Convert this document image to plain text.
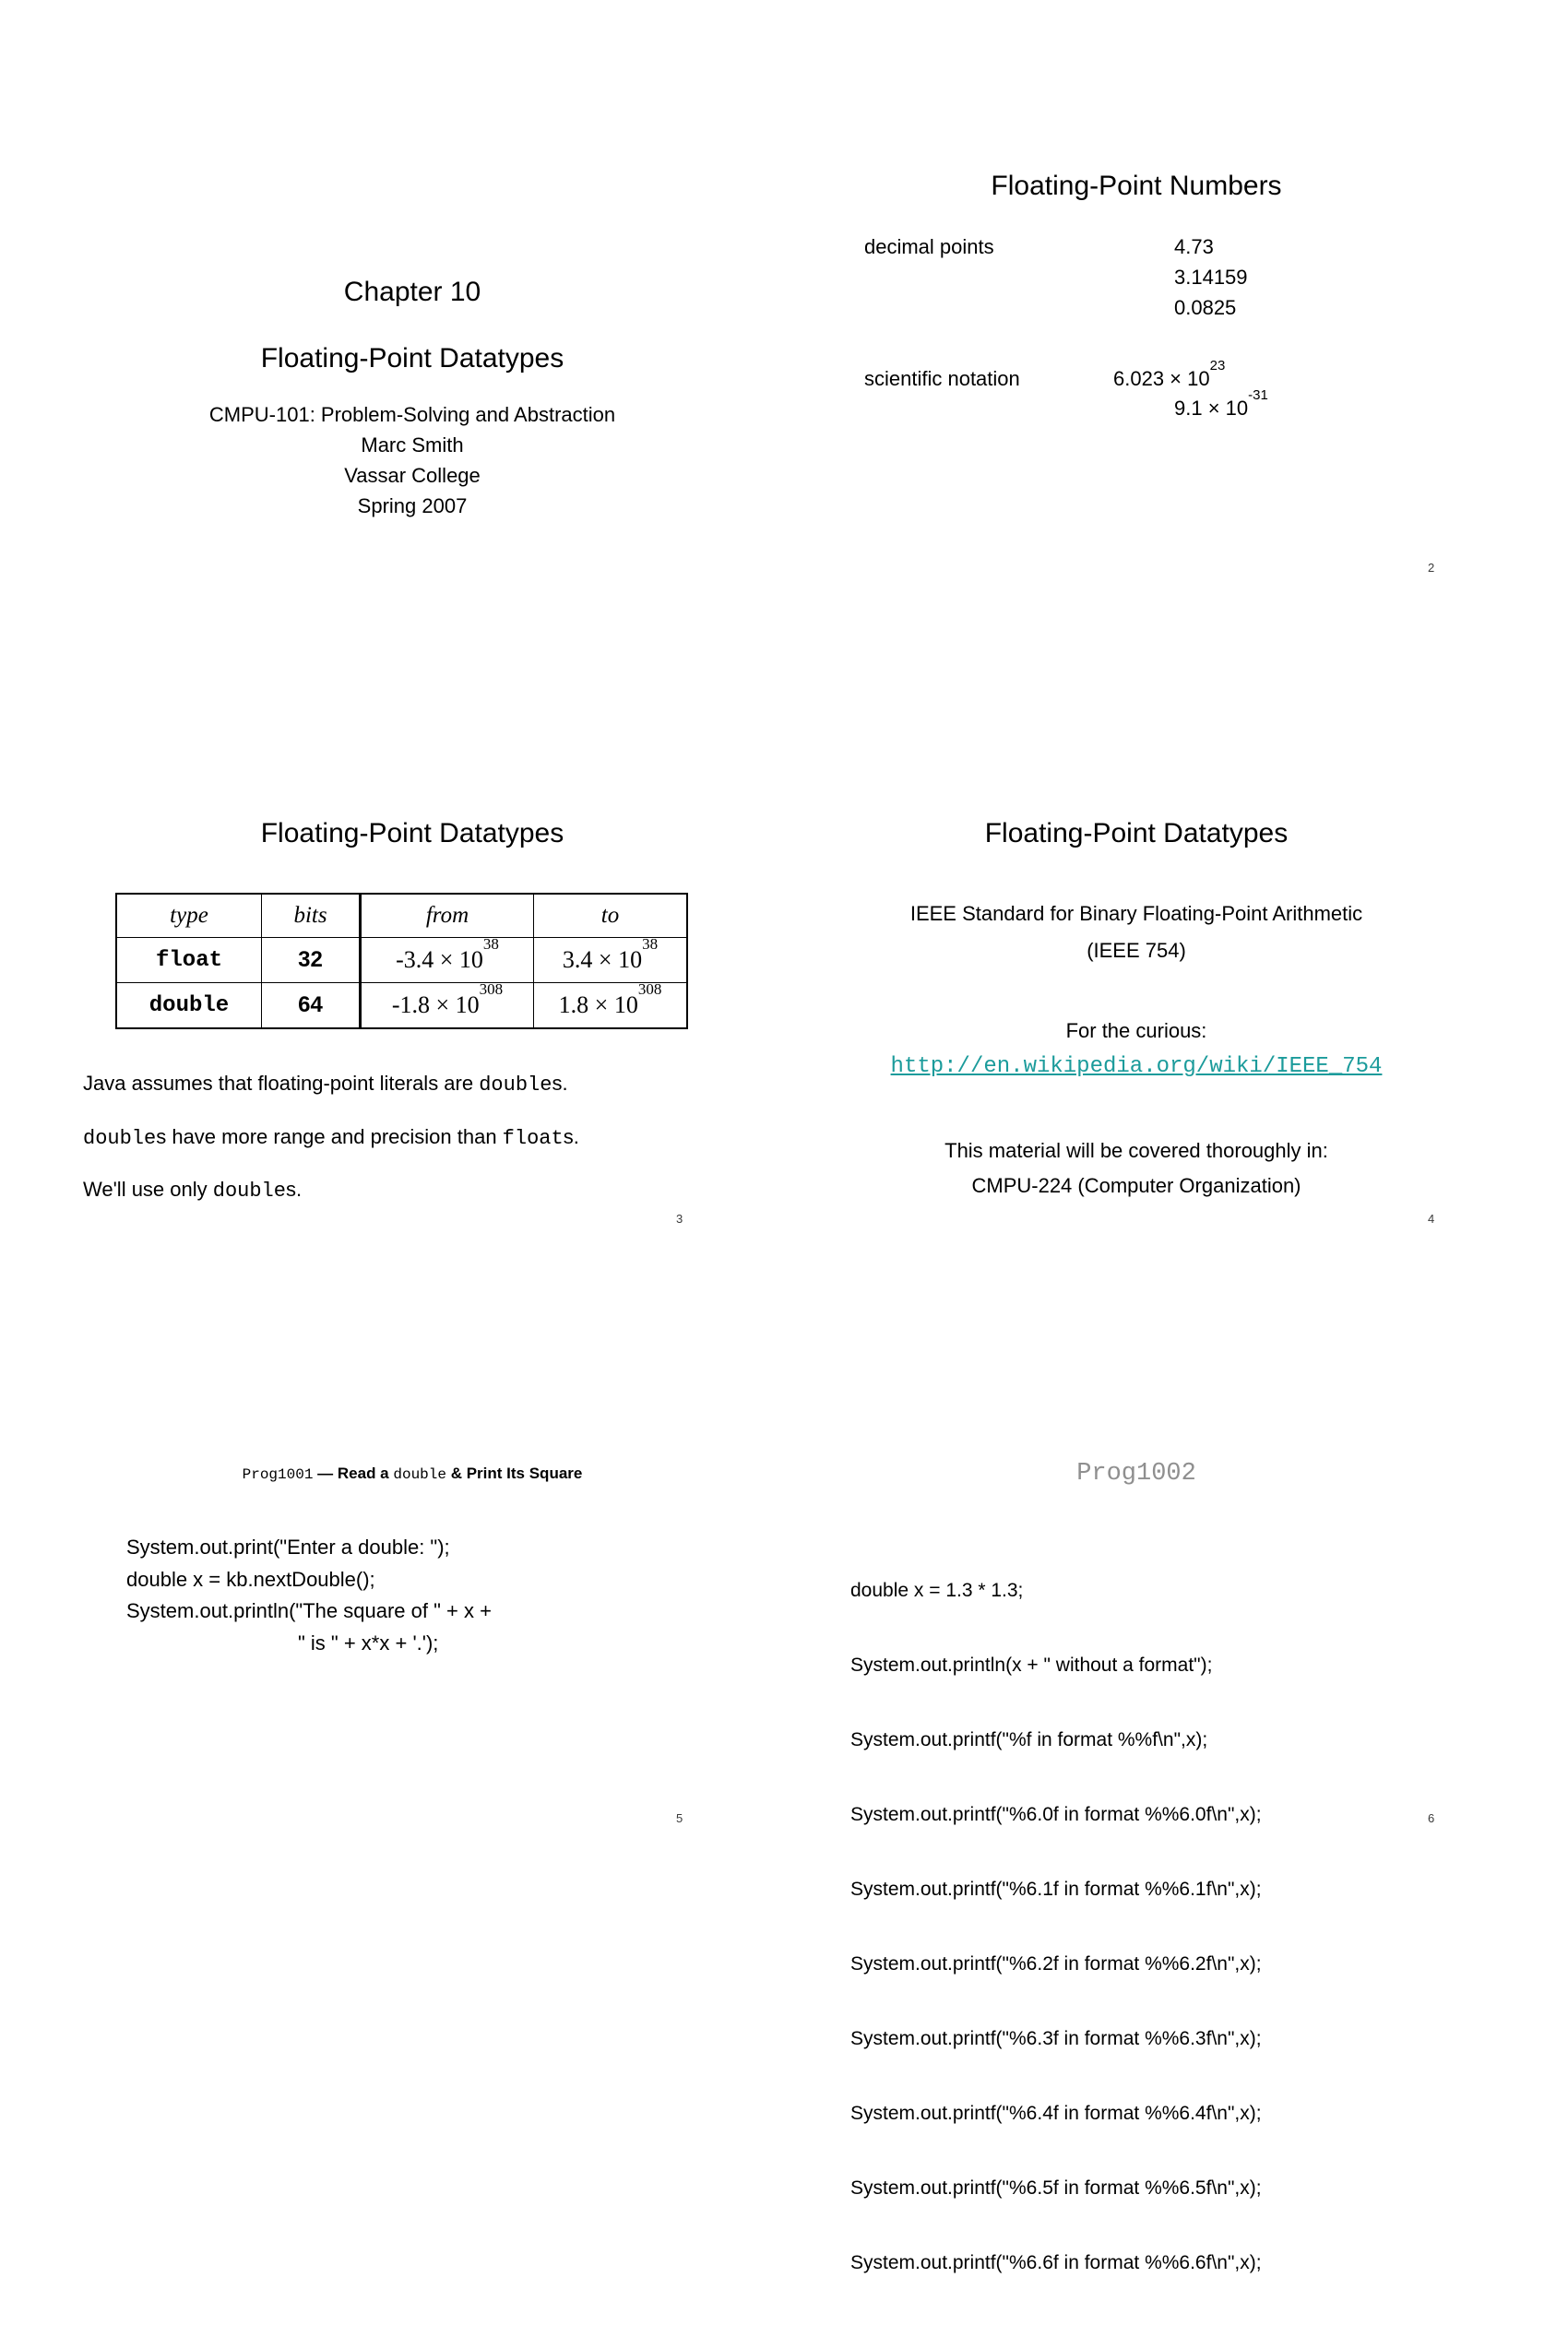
Chapter 10
Floating-Point Datatypes
CMPU-101: Problem-Solving and Abstraction
Marc Smith
Vassar College
Spring 2007
Floating-Point Numbers
decimal points	4.73
3.14159
0.0825
scientific notation	$6.023 \times 10^{23}$
$9.1 \times 10^{-31}$
Floating-Point Datatypes
type	bits	from	to
float	32	$-3.4 \times 10^{38}$	$3.4 \times 10^{38}$
double	64	$-1.8 \times 10^{308}$	$1.8 \times 10^{308}$
Java assumes that floating-point literals are doubles.
doubles have more range and precision than floats.
We'll use only doubles.
Floating-Point Datatypes
IEEE Standard for Binary Floating-Point Arithmetic
(IEEE 754)
For the curious:
http://en.wikipedia.org/wiki/IEEE_754
This material will be covered thoroughly in:
CMPU-224 (Computer Organization)
Prog1001 — Read a double & Print Its Square
System.out.print("Enter a double: ");
double x = kb.nextDouble();
System.out.println("The square of " + x +
" is " + x*x + '.');
Prog1002

double x = 1.3 * 1.3;

System.out.println(x + " without a format");

System.out.printf("%f in format %%f\n",x);

System.out.printf("%6.0f in format %%6.0f\n",x);

System.out.printf("%6.1f in format %%6.1f\n",x);

System.out.printf("%6.2f in format %%6.2f\n",x);

System.out.printf("%6.3f in format %%6.3f\n",x);

System.out.printf("%6.4f in format %%6.4f\n",x);

System.out.printf("%6.5f in format %%6.5f\n",x);

System.out.printf("%6.6f in format %%6.6f\n",x);

2
3	4
5	6
